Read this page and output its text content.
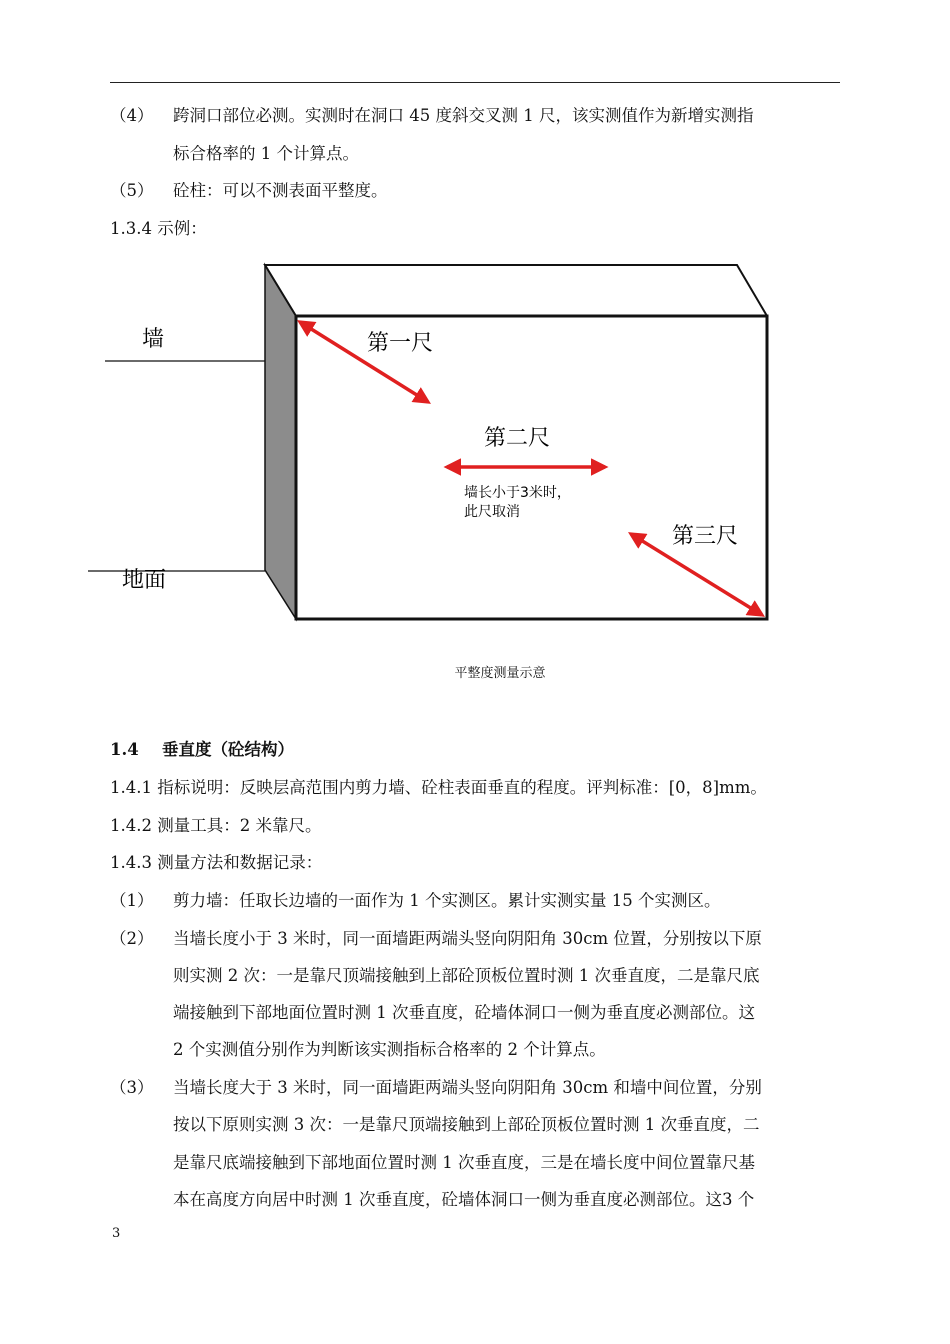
（4） 跨洞口部位必测。实测时在洞口 45 度斜交叉测 1 尺，该实测值作为新增实测指
标合格率的 1 个计算点。
（5） 砼柱：可以不测表面平整度。
1.3.4 示例：
墙
地面
第一尺
第二尺
第三尺
墙长小于3米时，
此尺取消
平整度测量示意
1.4 垂直度（砼结构）
1.4.1 指标说明：反映层高范围内剪力墙、砼柱表面垂直的程度。评判标准：[0，8]mm。
1.4.2 测量工具：2 米靠尺。
1.4.3 测量方法和数据记录：
（1） 剪力墙：任取长边墙的一面作为 1 个实测区。累计实测实量 15 个实测区。
（2） 当墙长度小于 3 米时，同一面墙距两端头竖向阴阳角 30cm 位置，分别按以下原
则实测 2 次：一是靠尺顶端接触到上部砼顶板位置时测 1 次垂直度，二是靠尺底
端接触到下部地面位置时测 1 次垂直度，砼墙体洞口一侧为垂直度必测部位。这
2 个实测值分别作为判断该实测指标合格率的 2 个计算点。
（3） 当墙长度大于 3 米时，同一面墙距两端头竖向阴阳角 30cm 和墙中间位置，分别
按以下原则实测 3 次：一是靠尺顶端接触到上部砼顶板位置时测 1 次垂直度，二
是靠尺底端接触到下部地面位置时测 1 次垂直度，三是在墙长度中间位置靠尺基
本在高度方向居中时测 1 次垂直度，砼墙体洞口一侧为垂直度必测部位。这3 个
3
